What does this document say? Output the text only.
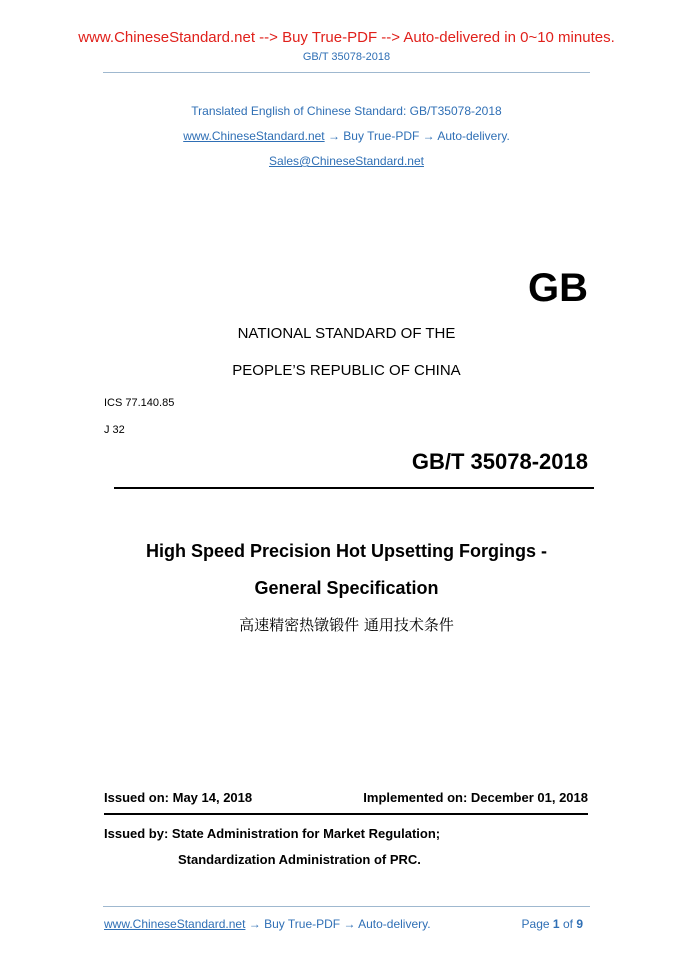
www.ChineseStandard.net --> Buy True-PDF --> Auto-delivered in 0~10 minutes.
GB/T 35078-2018
Translated English of Chinese Standard: GB/T35078-2018
www.ChineseStandard.net → Buy True-PDF → Auto-delivery.
Sales@ChineseStandard.net
GB
NATIONAL STANDARD OF THE
PEOPLE’S REPUBLIC OF CHINA
ICS 77.140.85
J 32
GB/T 35078-2018
High Speed Precision Hot Upsetting Forgings -
General Specification
高速精密热镦锻件 通用技术条件
Issued on: May 14, 2018	Implemented on: December 01, 2018
Issued by: State Administration for Market Regulation;
Standardization Administration of PRC.
www.ChineseStandard.net → Buy True-PDF → Auto-delivery.	Page 1 of 9
